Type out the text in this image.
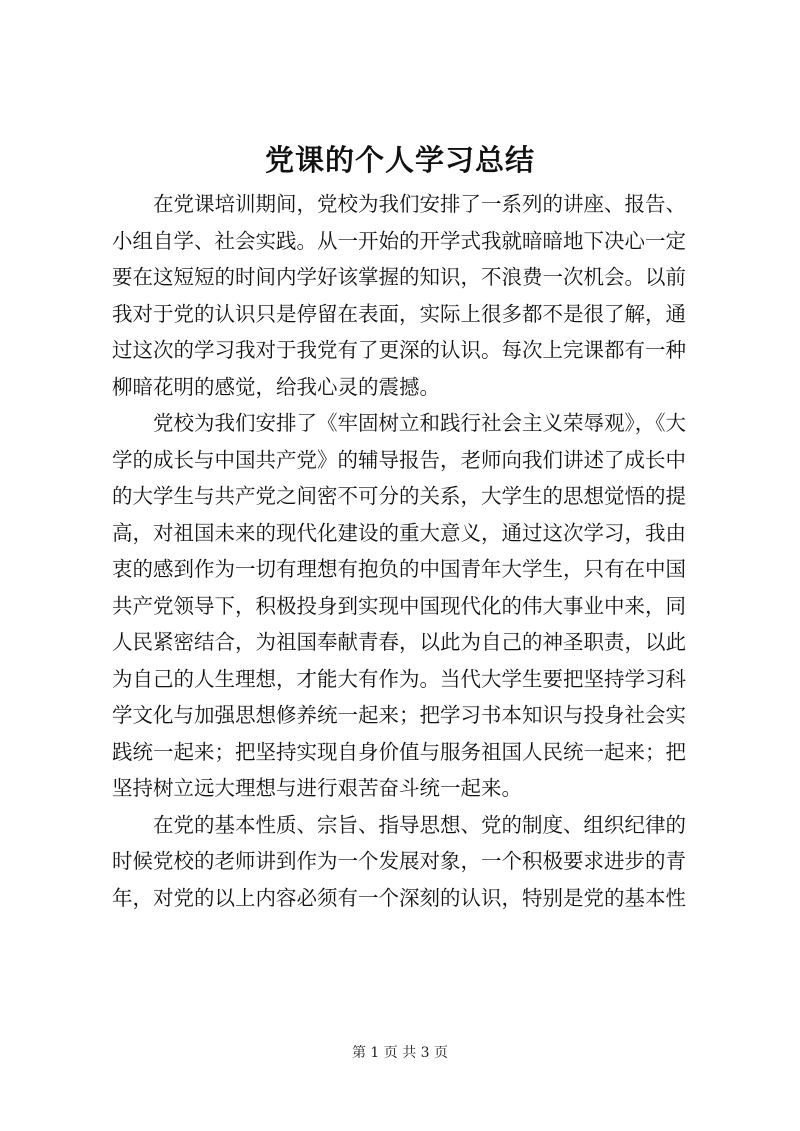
党课的个人学习总结

在党课培训期间，党校为我们安排了一系列的讲座、报告、
小组自学、社会实践。从一开始的开学式我就暗暗地下决心一定
要在这短短的时间内学好该掌握的知识，不浪费一次机会。以前
我对于党的认识只是停留在表面，实际上很多都不是很了解，通
过这次的学习我对于我党有了更深的认识。每次上完课都有一种
柳暗花明的感觉，给我心灵的震撼。

党校为我们安排了《牢固树立和践行社会主义荣辱观》，《大
学的成长与中国共产党》的辅导报告，老师向我们讲述了成长中
的大学生与共产党之间密不可分的关系，大学生的思想觉悟的提
高，对祖国未来的现代化建设的重大意义，通过这次学习，我由
衷的感到作为一切有理想有抱负的中国青年大学生，只有在中国
共产党领导下，积极投身到实现中国现代化的伟大事业中来，同
人民紧密结合，为祖国奉献青春，以此为自己的神圣职责，以此
为自己的人生理想，才能大有作为。当代大学生要把坚持学习科
学文化与加强思想修养统一起来；把学习书本知识与投身社会实
践统一起来；把坚持实现自身价值与服务祖国人民统一起来；把
坚持树立远大理想与进行艰苦奋斗统一起来。

在党的基本性质、宗旨、指导思想、党的制度、组织纪律的
时候党校的老师讲到作为一个发展对象，一个积极要求进步的青
年，对党的以上内容必须有一个深刻的认识，特别是党的基本性

第 1 页 共 3 页
